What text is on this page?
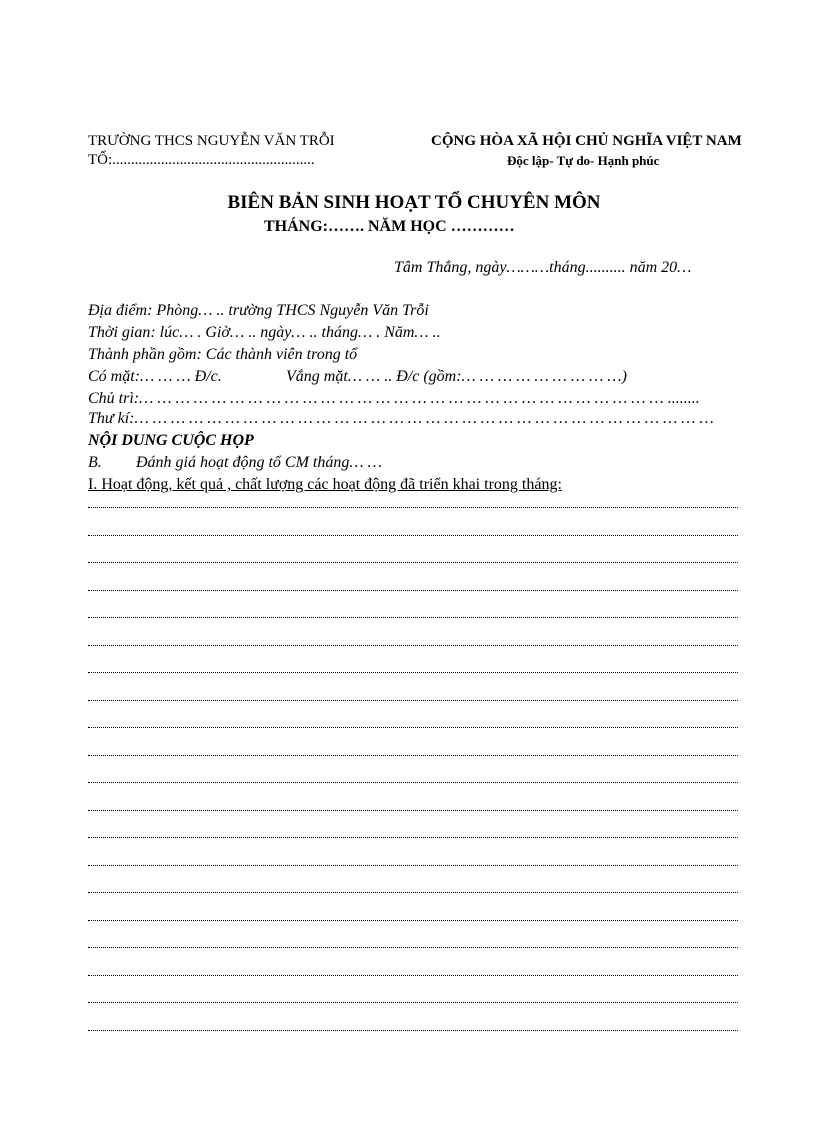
TRƯỜNG THCS NGUYỄN VĂN TRỖI
TỔ:......................................................
CỘNG HÒA XÃ HỘI CHỦ NGHĨA VIỆT NAM
Độc lập- Tự do- Hạnh phúc
BIÊN BẢN SINH HOẠT TỔ CHUYÊN MÔN
THÁNG:……. NĂM HỌC …………
Tâm Thắng, ngày………tháng.......... năm 20…
Địa điểm: Phòng… .. trường THCS Nguyễn Văn Trỗi
Thời gian: lúc… . Giờ… .. ngày… .. tháng… . Năm… ..
Thành phần gồm: Các thành viên trong tổ
Có mặt:… … … Đ/c.	Vắng mặt… … .. Đ/c (gồm:… … … … … … … … …)
Chủ trì:… … … … … … … … … … … … … … … … … … … … … … … … … … … … … ........
Thư kí:… … … … … … … … … … … … … … … … … … … … … … … … … … … … … … … …
NỘI DUNG CUỘC HỌP
B. Đánh giá hoạt động tổ CM tháng… …
I. Hoạt động, kết quả , chất lượng các hoạt động đã triển khai trong tháng:
